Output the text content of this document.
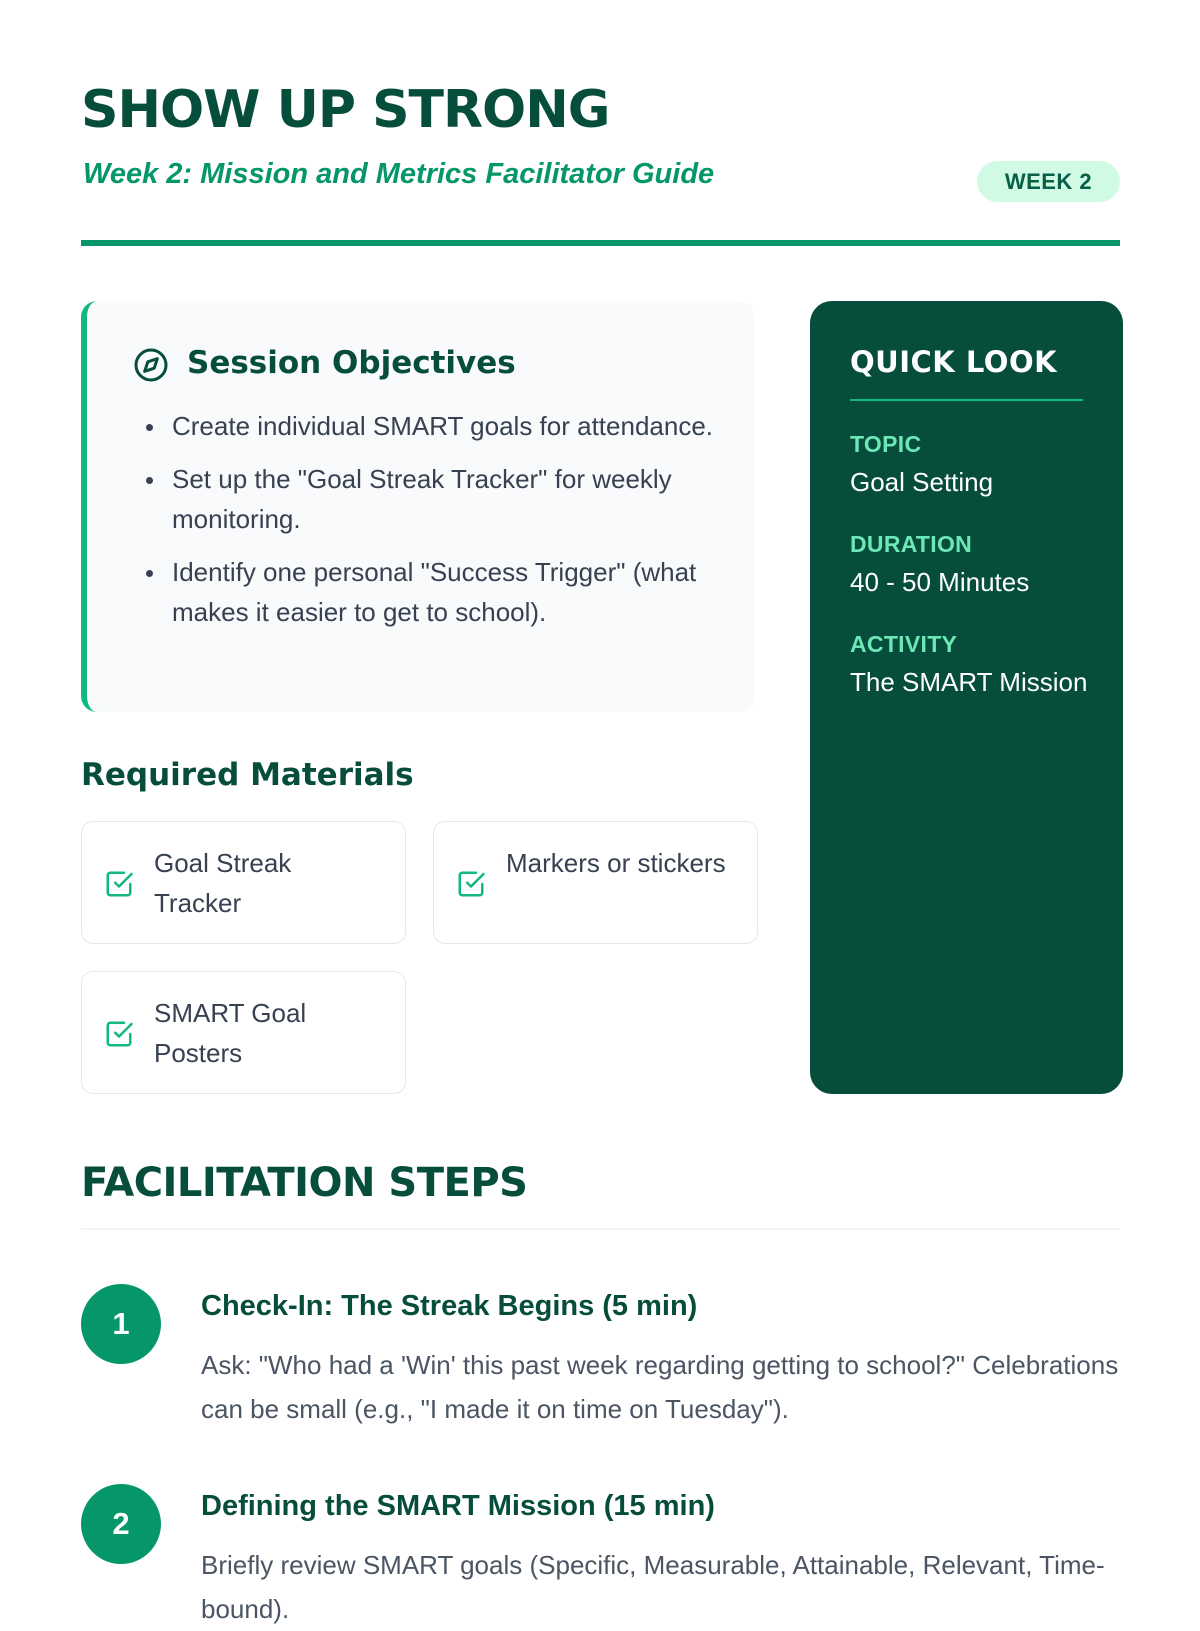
SHOW UP STRONG
Week 2: Mission and Metrics Facilitator Guide	WEEK 2
Session Objectives
Create individual SMART goals for attendance.
Set up the "Goal Streak Tracker" for weekly monitoring.
Identify one personal "Success Trigger" (what makes it easier to get to school).
Required Materials
Goal Streak Tracker
Markers or stickers
SMART Goal Posters
QUICK LOOK
TOPIC
Goal Setting
DURATION
40 - 50 Minutes
ACTIVITY
The SMART Mission
FACILITATION STEPS
1	Check-In: The Streak Begins (5 min)

Ask: "Who had a 'Win' this past week regarding getting to school?" Celebrations can be small (e.g., "I made it on time on Tuesday").

2	Defining the SMART Mission (15 min)

Briefly review SMART goals (Specific, Measurable, Attainable, Relevant, Time-bound).
